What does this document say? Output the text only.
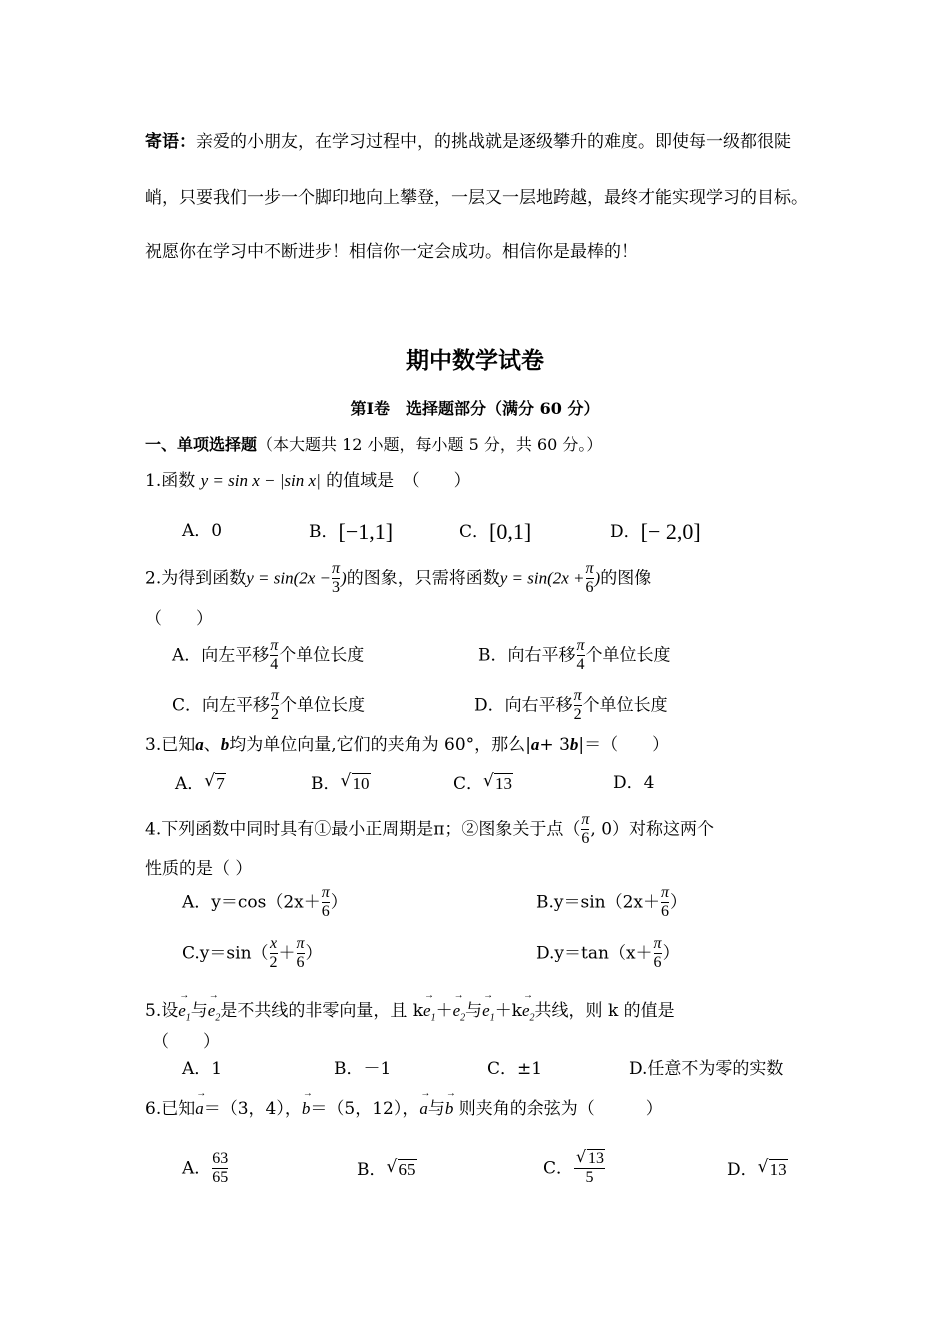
寄语：亲爱的小朋友，在学习过程中，的挑战就是逐级攀升的难度。即使每一级都很陡
峭，只要我们一步一个脚印地向上攀登，一层又一层地跨越，最终才能实现学习的目标。
祝愿你在学习中不断进步！相信你一定会成功。相信你是最棒的！
期中数学试卷
第Ⅰ卷　选择题部分（满分 60 分）
一、单项选择题（本大题共 12 小题，每小题 5 分，共 60 分。）
1.函数 y = sin x − |sin x| 的值域是　（　　）
A．0	B．[−1,1]	C．[0,1]	D．[− 2,0]
2.为得到函数$y = \sin(2x - \frac{\pi}{3}$ )的图象，只需将函数$y = \sin(2x + \frac{\pi}{6}$ )的图像
（　　）
A．向左平移 $\frac{\pi}{4}$ 个单位长度	B．向右平移 $\frac{\pi}{4}$ 个单位长度
C．向左平移 $\frac{\pi}{2}$ 个单位长度	D．向右平移 $\frac{\pi}{2}$ 个单位长度
3.已知a、b均为单位向量,它们的夹角为 60°，那么|a+ 3b|＝（　　）
A． √ 7	B． √ 10	C． √ 13	D．4
4.下列函数中同时具有①最小正周期是π；②图象关于点（ $\frac{\pi}{6}$ , 0）对称这两个
性质的是（ ）
A．$y=\cos(2x+ \frac{\pi}{6}$ ）	$B.y=\sin(2x+ \frac{\pi}{6}$ ）
$C.y=\sin( \frac{x}{2} + \frac{\pi}{6}$ ）	$D.y=\tan(x+ \frac{\pi}{6}$ ）
5.设→ $e_1$与→ $e_2$是不共线的非零向量，且 $k\to e_1+\to e_2$与→ $e_1+k\to e_2$共线，则 k 的值是
（　　）
A．1	B．－1	C．±1	D.任意不为零的实数
6.已知→ a＝（3，4），→ b＝（5，12），→ a与→ b 则夹角的余弦为（　　　）
A． $\frac{63}{65}$	B． √ 65	C． √ $\frac{13}{5}$	D． √ 13
